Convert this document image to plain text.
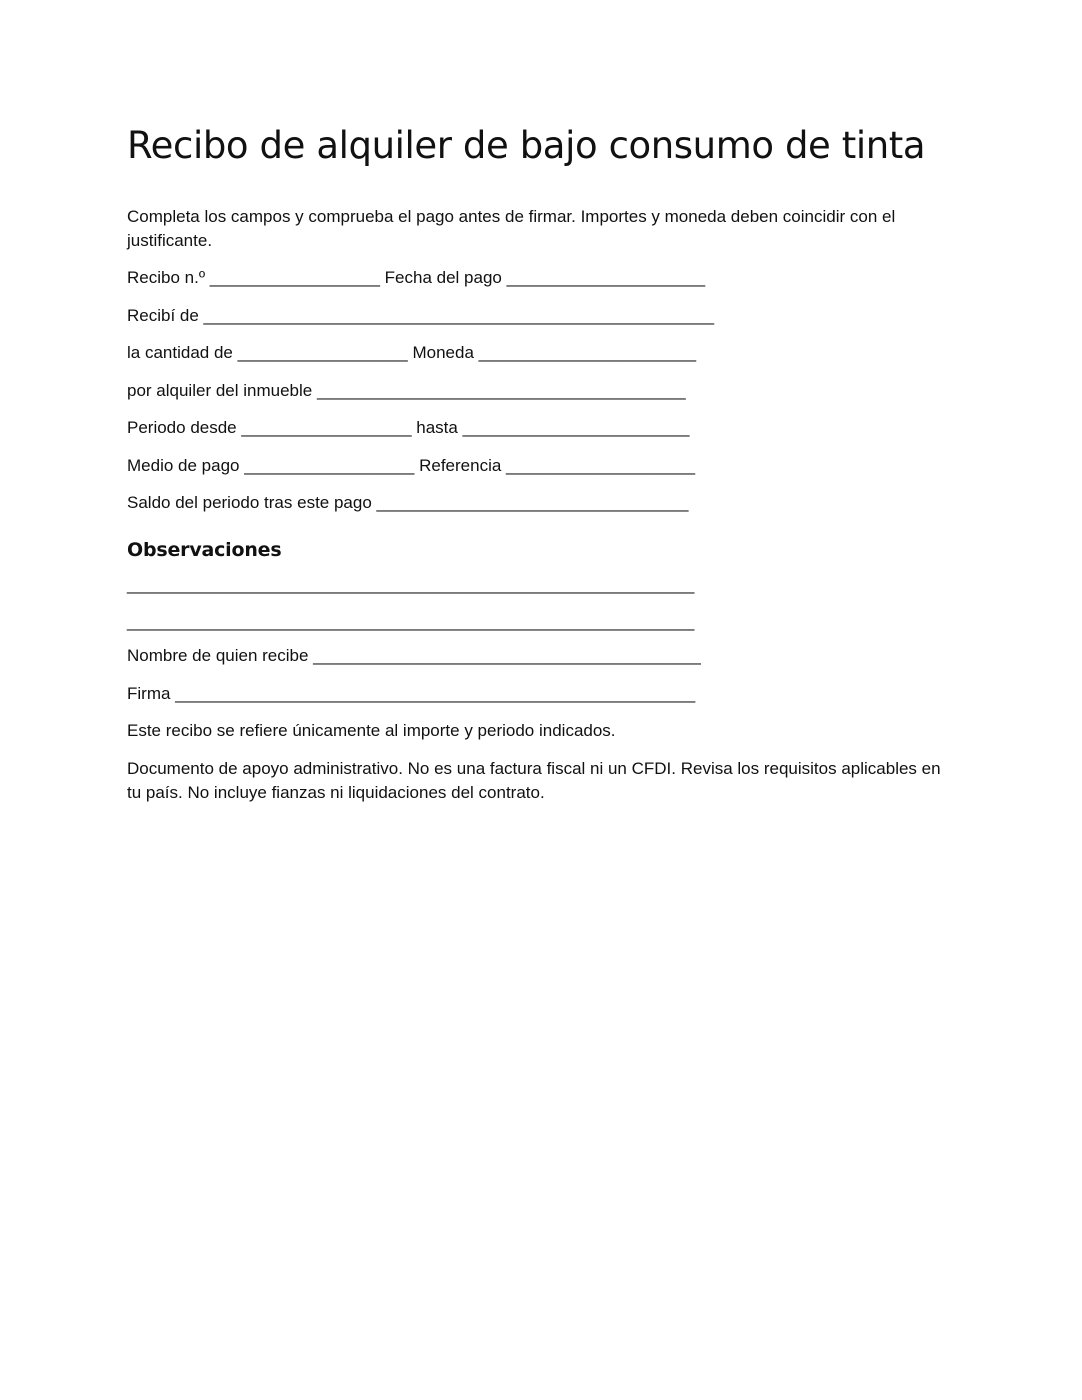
Recibo de alquiler de bajo consumo de tinta

Completa los campos y comprueba el pago antes de firmar. Importes y moneda deben coincidir con el justificante.

Recibo n.º __________________ Fecha del pago _____________________

Recibí de ______________________________________________________

la cantidad de __________________ Moneda _______________________

por alquiler del inmueble _______________________________________

Periodo desde __________________ hasta ________________________

Medio de pago __________________ Referencia ____________________

Saldo del periodo tras este pago _________________________________

Observaciones

____________________________________________________________

____________________________________________________________

Nombre de quien recibe _________________________________________

Firma _______________________________________________________

Este recibo se refiere únicamente al importe y periodo indicados.

Documento de apoyo administrativo. No es una factura fiscal ni un CFDI. Revisa los requisitos aplicables en tu país. No incluye fianzas ni liquidaciones del contrato.
